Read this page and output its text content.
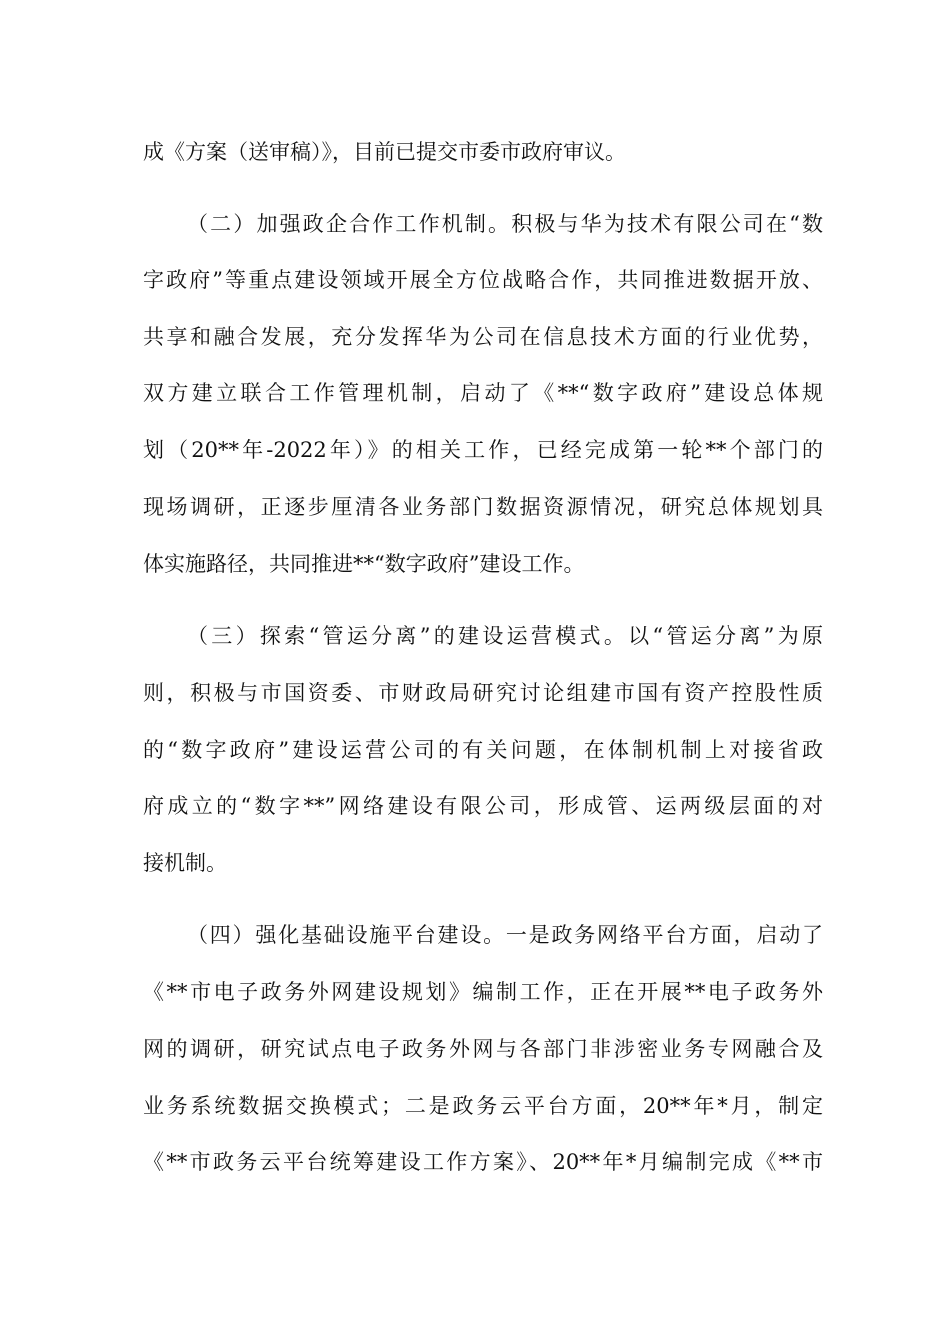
成《方案（送审稿）》，目前已提交市委市政府审议。
（二）加强政企合作工作机制。积极与华为技术有限公司在“数
字政府”等重点建设领域开展全方位战略合作，共同推进数据开放、
共享和融合发展，充分发挥华为公司在信息技术方面的行业优势，
双方建立联合工作管理机制，启动了《**“数字政府”建设总体规
划（20**年-2022年）》的相关工作，已经完成第一轮**个部门的
现场调研，正逐步厘清各业务部门数据资源情况，研究总体规划具
体实施路径，共同推进**“数字政府”建设工作。
（三）探索“管运分离”的建设运营模式。以“管运分离”为原
则，积极与市国资委、市财政局研究讨论组建市国有资产控股性质
的“数字政府”建设运营公司的有关问题，在体制机制上对接省政
府成立的“数字**”网络建设有限公司，形成管、运两级层面的对
接机制。
（四）强化基础设施平台建设。一是政务网络平台方面，启动了
《**市电子政务外网建设规划》编制工作，正在开展**电子政务外
网的调研，研究试点电子政务外网与各部门非涉密业务专网融合及
业务系统数据交换模式；二是政务云平台方面，20**年*月，制定
《**市政务云平台统筹建设工作方案》、20**年*月编制完成《**市
